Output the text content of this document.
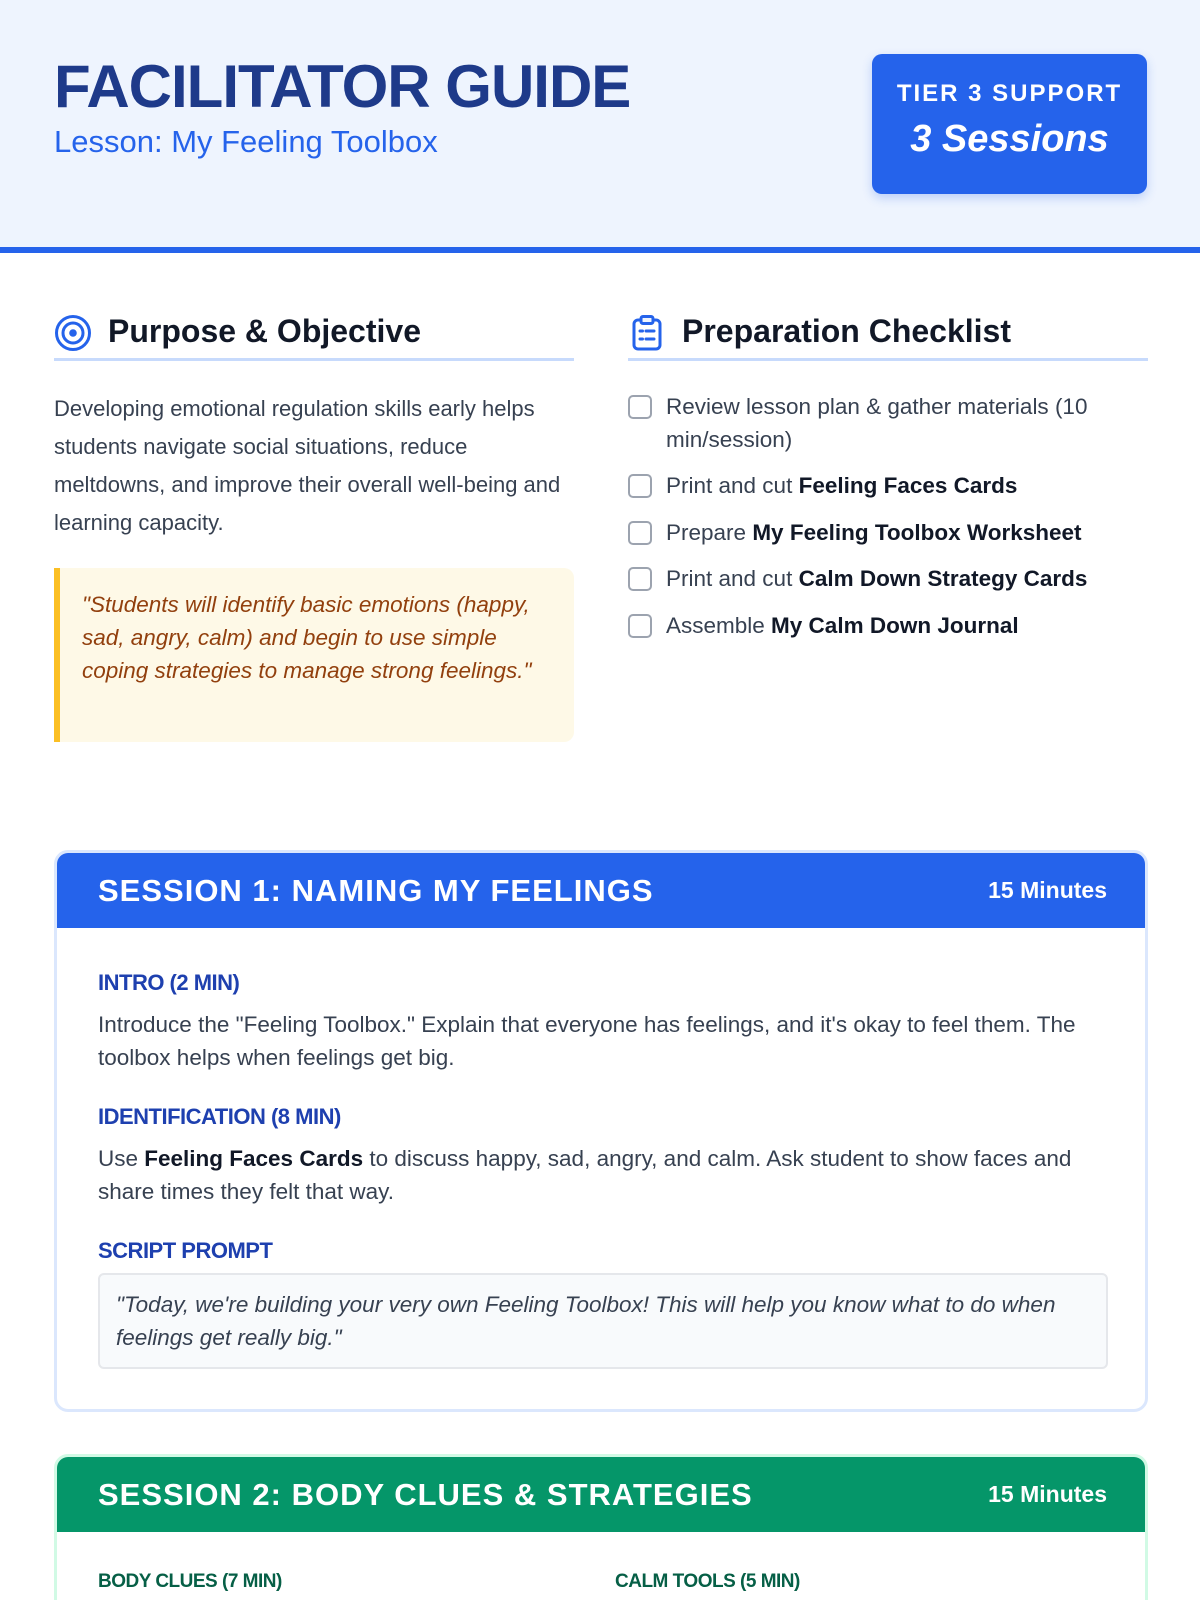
FACILITATOR GUIDE
Lesson: My Feeling Toolbox
TIER 3 SUPPORT
3 Sessions
Purpose & Objective
Developing emotional regulation skills early helps students navigate social situations, reduce meltdowns, and improve their overall well-being and learning capacity.
"Students will identify basic emotions (happy, sad, angry, calm) and begin to use simple coping strategies to manage strong feelings."
Preparation Checklist
Review lesson plan & gather materials (10 min/session)
Print and cut Feeling Faces Cards
Prepare My Feeling Toolbox Worksheet
Print and cut Calm Down Strategy Cards
Assemble My Calm Down Journal
SESSION 1: NAMING MY FEELINGS	15 Minutes
INTRO (2 MIN)
Introduce the "Feeling Toolbox." Explain that everyone has feelings, and it's okay to feel them. The toolbox helps when feelings get big.
IDENTIFICATION (8 MIN)
Use Feeling Faces Cards to discuss happy, sad, angry, and calm. Ask student to show faces and share times they felt that way.
SCRIPT PROMPT
"Today, we're building your very own Feeling Toolbox! This will help you know what to do when feelings get really big."
SESSION 2: BODY CLUES & STRATEGIES	15 Minutes
BODY CLUES (7 MIN)	CALM TOOLS (5 MIN)
